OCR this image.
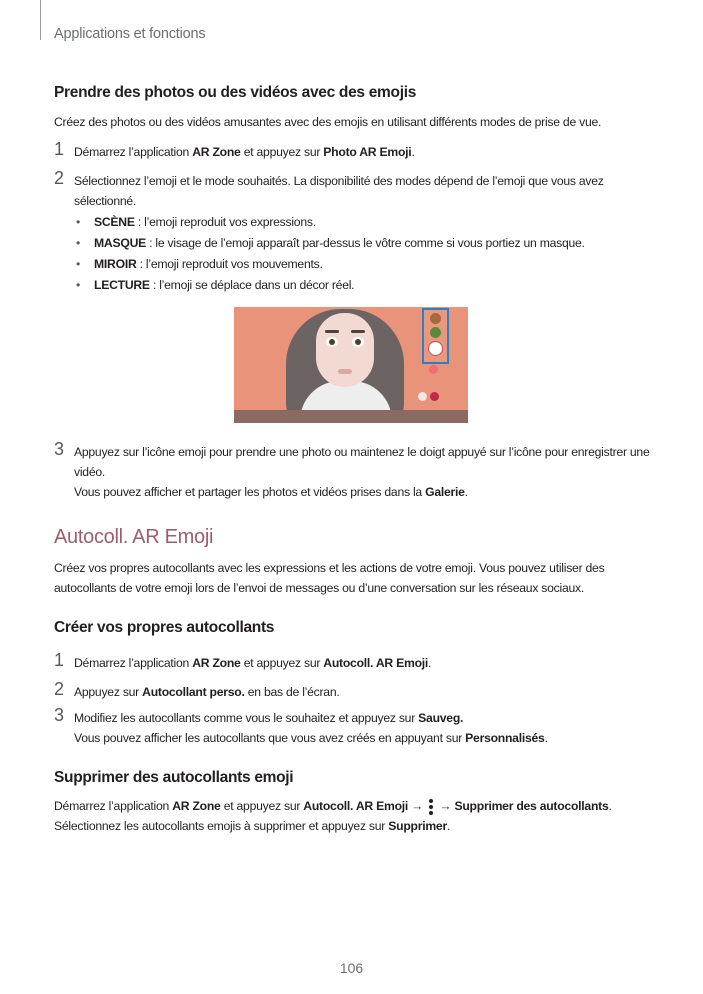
Applications et fonctions
Prendre des photos ou des vidéos avec des emojis
Créez des photos ou des vidéos amusantes avec des emojis en utilisant différents modes de prise de vue.
1 Démarrez l’application AR Zone et appuyez sur Photo AR Emoji.
2 Sélectionnez l’emoji et le mode souhaités. La disponibilité des modes dépend de l’emoji que vous avez sélectionné.
• SCÈNE : l’emoji reproduit vos expressions.
• MASQUE : le visage de l’emoji apparaît par-dessus le vôtre comme si vous portiez un masque.
• MIROIR : l’emoji reproduit vos mouvements.
• LECTURE : l’emoji se déplace dans un décor réel.
3 Appuyez sur l’icône emoji pour prendre une photo ou maintenez le doigt appuyé sur l’icône pour enregistrer une vidéo.
Vous pouvez afficher et partager les photos et vidéos prises dans la Galerie.
Autocoll. AR Emoji
Créez vos propres autocollants avec les expressions et les actions de votre emoji. Vous pouvez utiliser des autocollants de votre emoji lors de l’envoi de messages ou d’une conversation sur les réseaux sociaux.
Créer vos propres autocollants
1 Démarrez l’application AR Zone et appuyez sur Autocoll. AR Emoji.
2 Appuyez sur Autocollant perso. en bas de l’écran.
3 Modifiez les autocollants comme vous le souhaitez et appuyez sur Sauveg.
Vous pouvez afficher les autocollants que vous avez créés en appuyant sur Personnalisés.
Supprimer des autocollants emoji
Démarrez l’application AR Zone et appuyez sur Autocoll. AR Emoji →
→ Supprimer des autocollants.
Sélectionnez les autocollants emojis à supprimer et appuyez sur Supprimer.
106
